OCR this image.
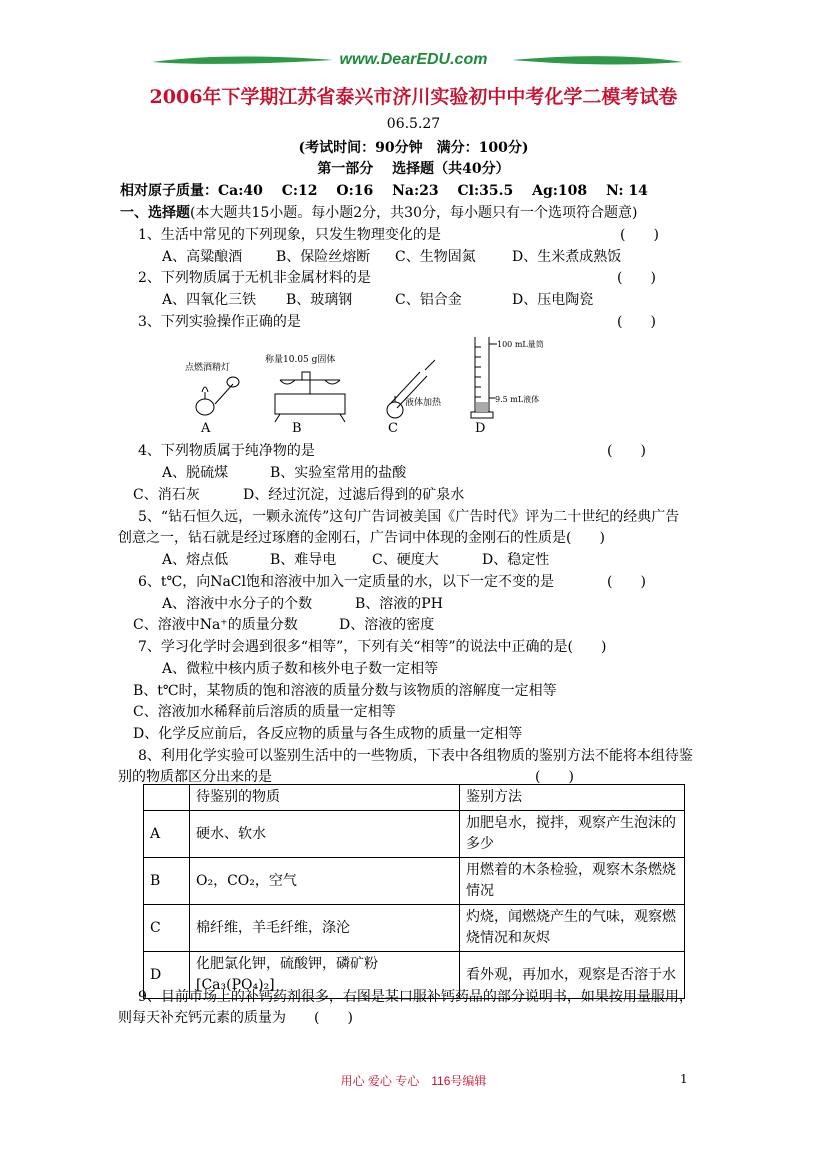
www.DearEDU.com
2006年下学期江苏省泰兴市济川实验初中中考化学二模考试卷
06.5.27
(考试时间：90分钟　满分：100分)
第一部分　 选择题（共40分）
相对原子质量：Ca:40　 C:12　 O:16　 Na:23　 Cl:35.5　 Ag:108　 N: 14
一、选择题(本大题共15小题。每小题2分，共30分，每小题只有一个选项符合题意)
1、生活中常见的下列现象，只发生物理变化的是	(　　)
A、高粱酿酒 B、保险丝熔断 C、生物固氮	D、生米煮成熟饭
2、下列物质属于无机非金属材料的是	(　　)
A、四氧化三铁 B、玻璃钢	C、铝合金	D、压电陶瓷
3、下列实验操作正确的是	(　　)
点燃酒精灯
称量10.05 g固体
液体加热
100 mL量筒
9.5 mL液体
A	B	C	D
4、下列物质属于纯净物的是	(　　)
A、脱硫煤	B、实验室常用的盐酸
C、消石灰	D、经过沉淀，过滤后得到的矿泉水
5、“钻石恒久远，一颗永流传”这句广告词被美国《广告时代》评为二十世纪的经典广告
创意之一，钻石就是经过琢磨的金刚石，广告词中体现的金刚石的性质是(　　)
A、熔点低	B、难导电	C、硬度大	D、稳定性
6、t℃，向NaCl饱和溶液中加入一定质量的水，以下一定不变的是	(　　)
A、溶液中水分子的个数	B、溶液的PH
C、溶液中Na⁺的质量分数	D、溶液的密度
7、学习化学时会遇到很多“相等”，下列有关“相等”的说法中正确的是(　　)
A、微粒中核内质子数和核外电子数一定相等
B、t℃时，某物质的饱和溶液的质量分数与该物质的溶解度一定相等
C、溶液加水稀释前后溶质的质量一定相等
D、化学反应前后，各反应物的质量与各生成物的质量一定相等
8、利用化学实验可以鉴别生活中的一些物质，下表中各组物质的鉴别方法不能将本组待鉴
别的物质都区分出来的是	(　　)
	待鉴别的物质	鉴别方法
A	硬水、软水	加肥皂水，搅拌，观察产生泡沫的多少
B	O₂，CO₂，空气	用燃着的木条检验，观察木条燃烧情况
C	棉纤维，羊毛纤维，涤沦	灼烧，闻燃烧产生的气味，观察燃烧情况和灰烬
D	化肥氯化钾，硫酸钾，磷矿粉[Ca₃(PO₄)₂]	看外观，再加水，观察是否溶于水
9、目前市场上的补钙药剂很多，右图是某口服补钙药品的部分说明书，如果按用量服用，
则每天补充钙元素的质量为　　(　　)
用心 爱心 专心　116号编辑	1
